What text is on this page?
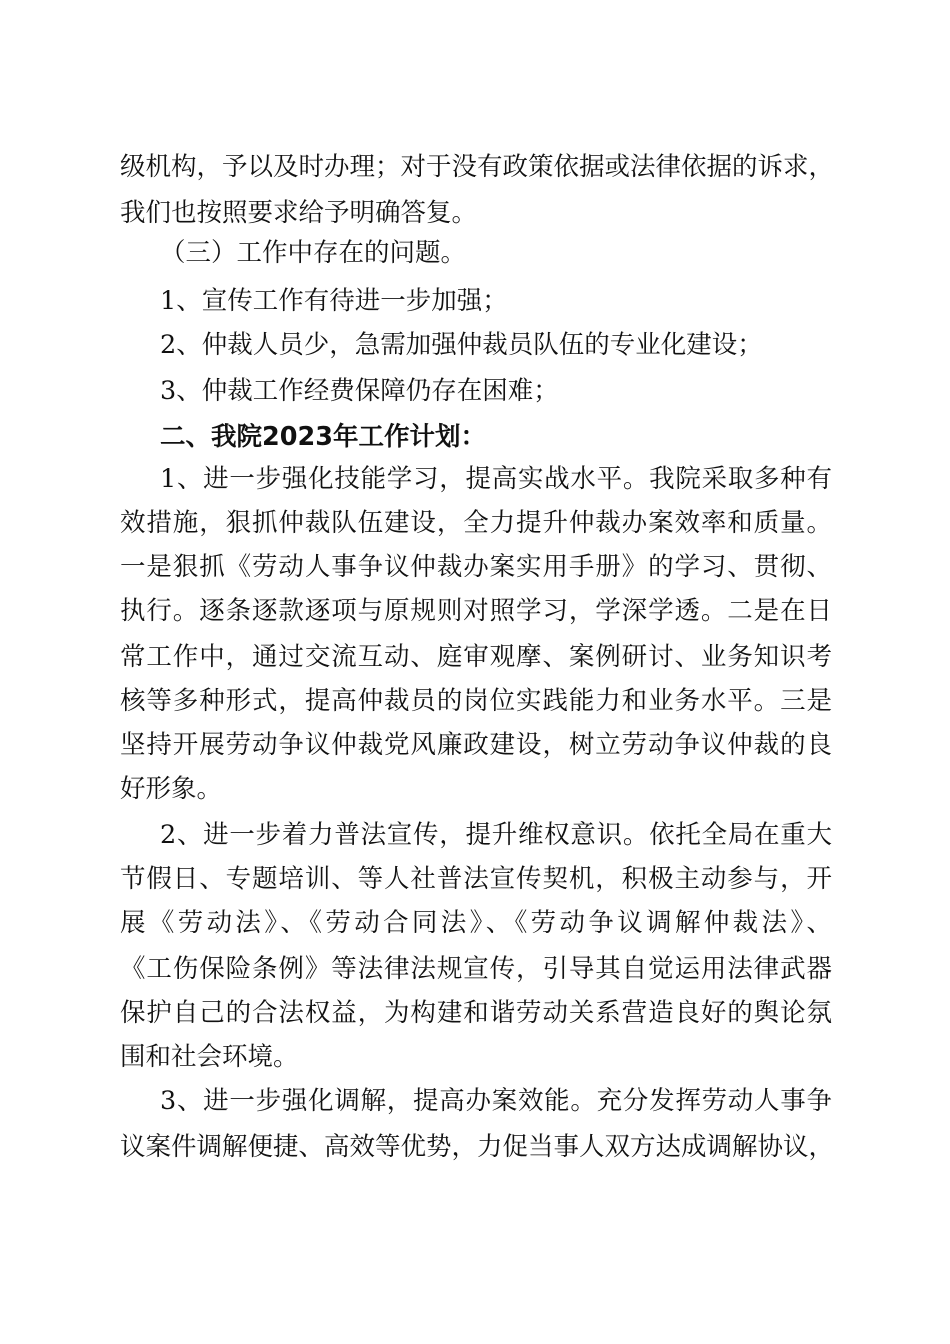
级机构，予以及时办理；对于没有政策依据或法律依据的诉求，
我们也按照要求给予明确答复。
（三）工作中存在的问题。
1、宣传工作有待进一步加强；
2、仲裁人员少，急需加强仲裁员队伍的专业化建设；
3、仲裁工作经费保障仍存在困难；
二、我院2023年工作计划：
1、进一步强化技能学习，提高实战水平。我院采取多种有
效措施，狠抓仲裁队伍建设，全力提升仲裁办案效率和质量。
一是狠抓《劳动人事争议仲裁办案实用手册》的学习、贯彻、
执行。逐条逐款逐项与原规则对照学习，学深学透。二是在日
常工作中，通过交流互动、庭审观摩、案例研讨、业务知识考
核等多种形式，提高仲裁员的岗位实践能力和业务水平。三是
坚持开展劳动争议仲裁党风廉政建设，树立劳动争议仲裁的良
好形象。
2、进一步着力普法宣传，提升维权意识。依托全局在重大
节假日、专题培训、等人社普法宣传契机，积极主动参与，开
展《劳动法》、《劳动合同法》、《劳动争议调解仲裁法》、
《工伤保险条例》等法律法规宣传，引导其自觉运用法律武器
保护自己的合法权益，为构建和谐劳动关系营造良好的舆论氛
围和社会环境。
3、进一步强化调解，提高办案效能。充分发挥劳动人事争
议案件调解便捷、高效等优势，力促当事人双方达成调解协议，
